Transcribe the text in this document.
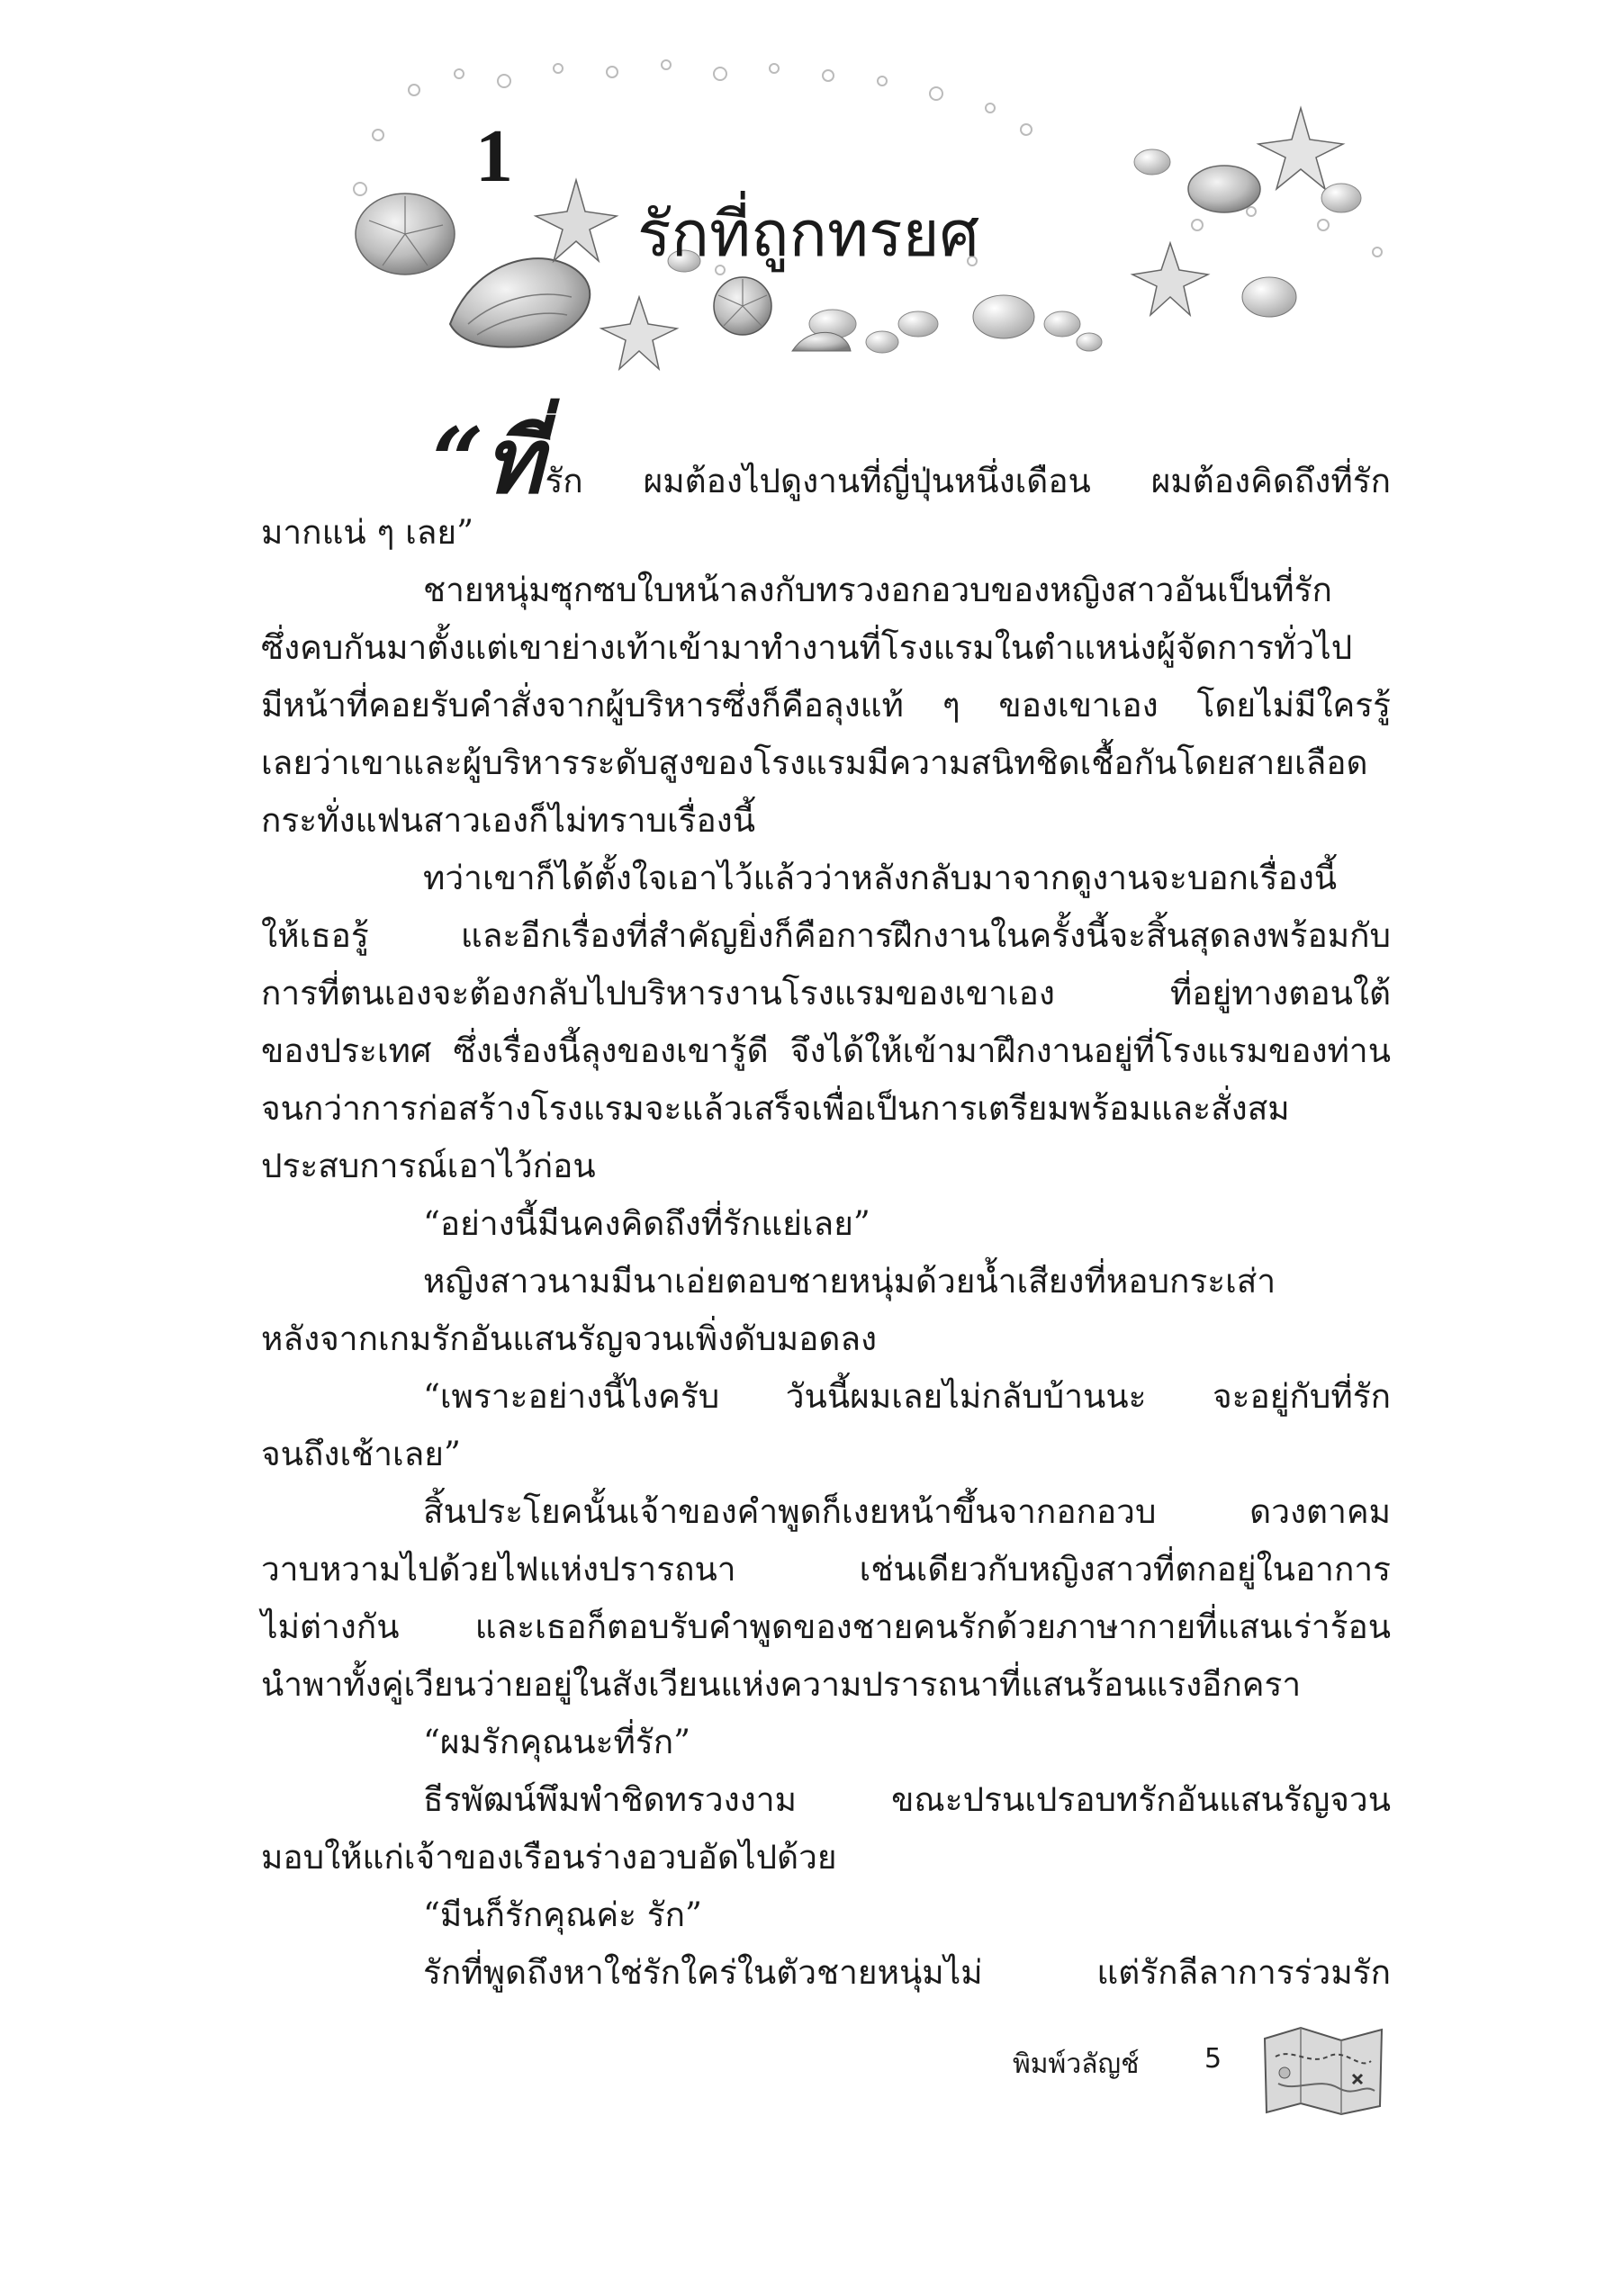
1
รักที่ถูกทรยศ
“ที่รัก ผมต้องไปดูงานที่ญี่ปุ่นหนึ่งเดือน ผมต้องคิดถึงที่รัก
มากแน่ ๆ เลย”
ชายหนุ่มซุกซบใบหน้าลงกับทรวงอกอวบของหญิงสาวอันเป็นที่รัก
ซึ่งคบกันมาตั้งแต่เขาย่างเท้าเข้ามาทำงานที่โรงแรมในตำแหน่งผู้จัดการทั่วไป
มีหน้าที่คอยรับคำสั่งจากผู้บริหารซึ่งก็คือลุงแท้ ๆ ของเขาเอง โดยไม่มีใครรู้
เลยว่าเขาและผู้บริหารระดับสูงของโรงแรมมีความสนิทชิดเชื้อกันโดยสายเลือด
กระทั่งแฟนสาวเองก็ไม่ทราบเรื่องนี้
ทว่าเขาก็ได้ตั้งใจเอาไว้แล้วว่าหลังกลับมาจากดูงานจะบอกเรื่องนี้
ให้เธอรู้ และอีกเรื่องที่สำคัญยิ่งก็คือการฝึกงานในครั้งนี้จะสิ้นสุดลงพร้อมกับ
การที่ตนเองจะต้องกลับไปบริหารงานโรงแรมของเขาเอง ที่อยู่ทางตอนใต้
ของประเทศ ซึ่งเรื่องนี้ลุงของเขารู้ดี จึงได้ให้เข้ามาฝึกงานอยู่ที่โรงแรมของท่าน
จนกว่าการก่อสร้างโรงแรมจะแล้วเสร็จเพื่อเป็นการเตรียมพร้อมและสั่งสม
ประสบการณ์เอาไว้ก่อน
“อย่างนี้มีนคงคิดถึงที่รักแย่เลย”
หญิงสาวนามมีนาเอ่ยตอบชายหนุ่มด้วยน้ำเสียงที่หอบกระเส่า
หลังจากเกมรักอันแสนรัญจวนเพิ่งดับมอดลง
“เพราะอย่างนี้ไงครับ วันนี้ผมเลยไม่กลับบ้านนะ จะอยู่กับที่รัก
จนถึงเช้าเลย”
สิ้นประโยคนั้นเจ้าของคำพูดก็เงยหน้าขึ้นจากอกอวบ ดวงตาคม
วาบหวามไปด้วยไฟแห่งปรารถนา เช่นเดียวกับหญิงสาวที่ตกอยู่ในอาการ
ไม่ต่างกัน และเธอก็ตอบรับคำพูดของชายคนรักด้วยภาษากายที่แสนเร่าร้อน
นำพาทั้งคู่เวียนว่ายอยู่ในสังเวียนแห่งความปรารถนาที่แสนร้อนแรงอีกครา
“ผมรักคุณนะที่รัก”
ธีรพัฒน์พึมพำชิดทรวงงาม ขณะปรนเปรอบทรักอันแสนรัญจวน
มอบให้แก่เจ้าของเรือนร่างอวบอัดไปด้วย
“มีนก็รักคุณค่ะ รัก”
รักที่พูดถึงหาใช่รักใคร่ในตัวชายหนุ่มไม่ แต่รักลีลาการร่วมรัก
พิมพ์วลัญช์ 5
